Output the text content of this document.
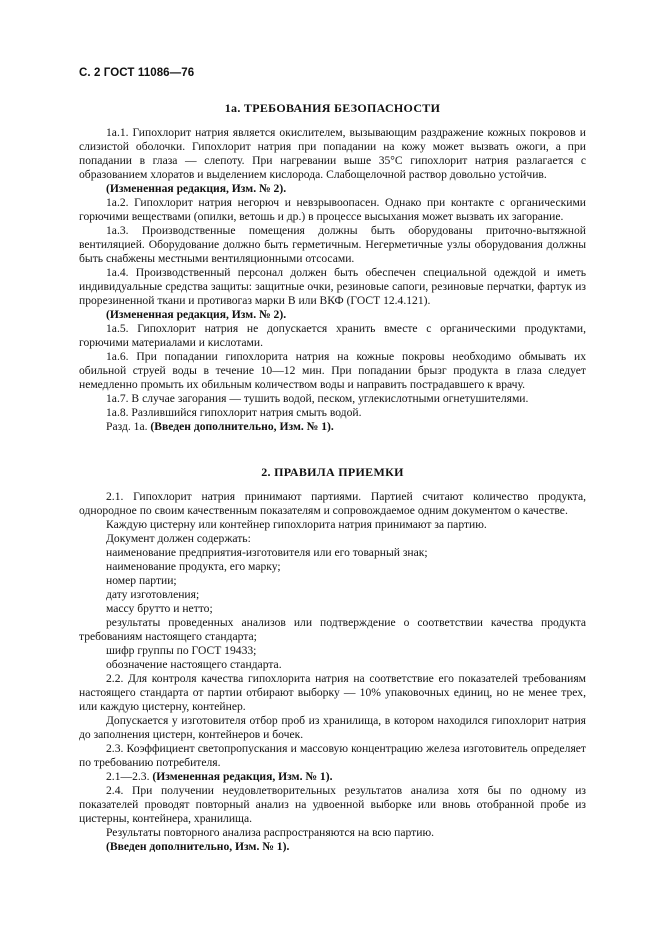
С. 2 ГОСТ 11086—76
1а. ТРЕБОВАНИЯ БЕЗОПАСНОСТИ

1а.1. Гипохлорит натрия является окислителем, вызывающим раздражение кожных покровов и слизистой оболочки. Гипохлорит натрия при попадании на кожу может вызвать ожоги, а при попадании в глаза — слепоту. При нагревании выше 35°С гипохлорит натрия разлагается с образованием хлоратов и выделением кислорода. Слабощелочной раствор довольно устойчив.

(Измененная редакция, Изм. № 2).

1а.2. Гипохлорит натрия негорюч и невзрывоопасен. Однако при контакте с органическими горючими веществами (опилки, ветошь и др.) в процессе высыхания может вызвать их загорание.

1а.3. Производственные помещения должны быть оборудованы приточно-вытяжной вентиляцией. Оборудование должно быть герметичным. Негерметичные узлы оборудования должны быть снабжены местными вентиляционными отсосами.

1а.4. Производственный персонал должен быть обеспечен специальной одеждой и иметь индивидуальные средства защиты: защитные очки, резиновые сапоги, резиновые перчатки, фартук из прорезиненной ткани и противогаз марки В или ВКФ (ГОСТ 12.4.121).

(Измененная редакция, Изм. № 2).

1а.5. Гипохлорит натрия не допускается хранить вместе с органическими продуктами, горючими материалами и кислотами.

1а.6. При попадании гипохлорита натрия на кожные покровы необходимо обмывать их обильной струей воды в течение 10—12 мин. При попадании брызг продукта в глаза следует немедленно промыть их обильным количеством воды и направить пострадавшего к врачу.

1а.7. В случае загорания — тушить водой, песком, углекислотными огнетушителями.

1а.8. Разлившийся гипохлорит натрия смыть водой.

Разд. 1а. (Введен дополнительно, Изм. № 1).

2. ПРАВИЛА ПРИЕМКИ

2.1. Гипохлорит натрия принимают партиями. Партией считают количество продукта, однородное по своим качественным показателям и сопровождаемое одним документом о качестве.

Каждую цистерну или контейнер гипохлорита натрия принимают за партию.

Документ должен содержать:

наименование предприятия-изготовителя или его товарный знак;

наименование продукта, его марку;

номер партии;

дату изготовления;

массу брутто и нетто;

результаты проведенных анализов или подтверждение о соответствии качества продукта требованиям настоящего стандарта;

шифр группы по ГОСТ 19433;

обозначение настоящего стандарта.

2.2. Для контроля качества гипохлорита натрия на соответствие его показателей требованиям настоящего стандарта от партии отбирают выборку — 10% упаковочных единиц, но не менее трех, или каждую цистерну, контейнер.

Допускается у изготовителя отбор проб из хранилища, в котором находился гипохлорит натрия до заполнения цистерн, контейнеров и бочек.

2.3. Коэффициент светопропускания и массовую концентрацию железа изготовитель определяет по требованию потребителя.

2.1—2.3. (Измененная редакция, Изм. № 1).

2.4. При получении неудовлетворительных результатов анализа хотя бы по одному из показателей проводят повторный анализ на удвоенной выборке или вновь отобранной пробе из цистерны, контейнера, хранилища.

Результаты повторного анализа распространяются на всю партию.

(Введен дополнительно, Изм. № 1).
